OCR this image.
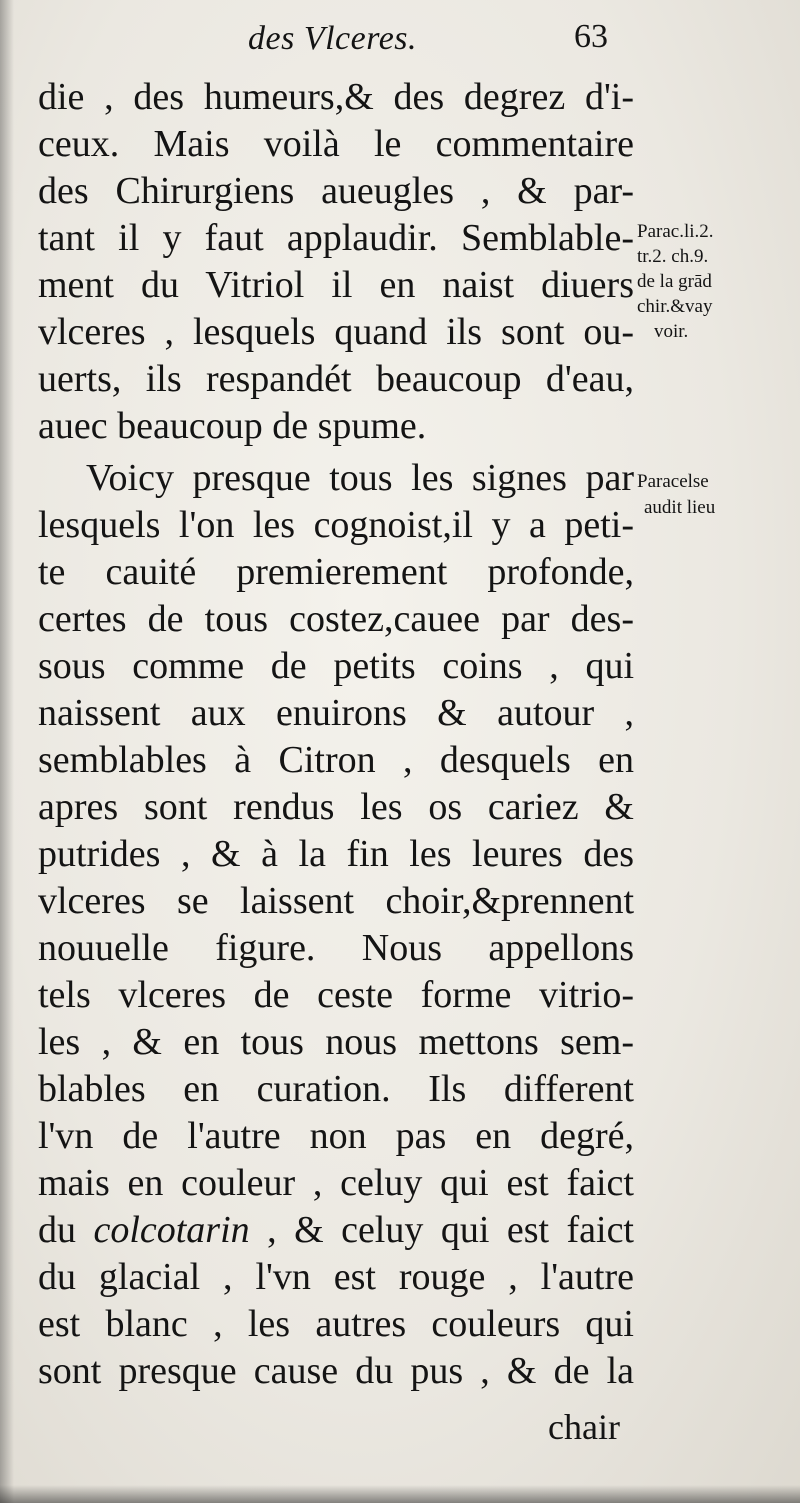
des Vlceres.	63
die , des humeurs,& des degrez d'i-
ceux. Mais voilà le commentaire
des Chirurgiens aueugles , & par-
tant il y faut applaudir. Semblable-
ment du Vitriol il en naist diuers
vlceres , lesquels quand ils sont ou-
uerts, ils respandét beaucoup d'eau,
auec beaucoup de spume.
Voicy presque tous les signes par
lesquels l'on les cognoist,il y a peti-
te cauité premierement profonde,
certes de tous costez,cauee par des-
sous comme de petits coins , qui
naissent aux enuirons & autour ,
semblables à Citron , desquels en
apres sont rendus les os cariez &
putrides , & à la fin les leures des
vlceres se laissent choir,&prennent
nouuelle figure. Nous appellons
tels vlceres de ceste forme vitrio-
les , & en tous nous mettons sem-
blables en curation. Ils different
l'vn de l'autre non pas en degré,
mais en couleur , celuy qui est faict
du colcotarin , & celuy qui est faict
du glacial , l'vn est rouge , l'autre
est blanc , les autres couleurs qui
sont presque cause du pus , & de la
chair
Parac.li.2.
tr.2. ch.9.
de la grād
chir.&vay
voir.
Paracelse
audit lieu
